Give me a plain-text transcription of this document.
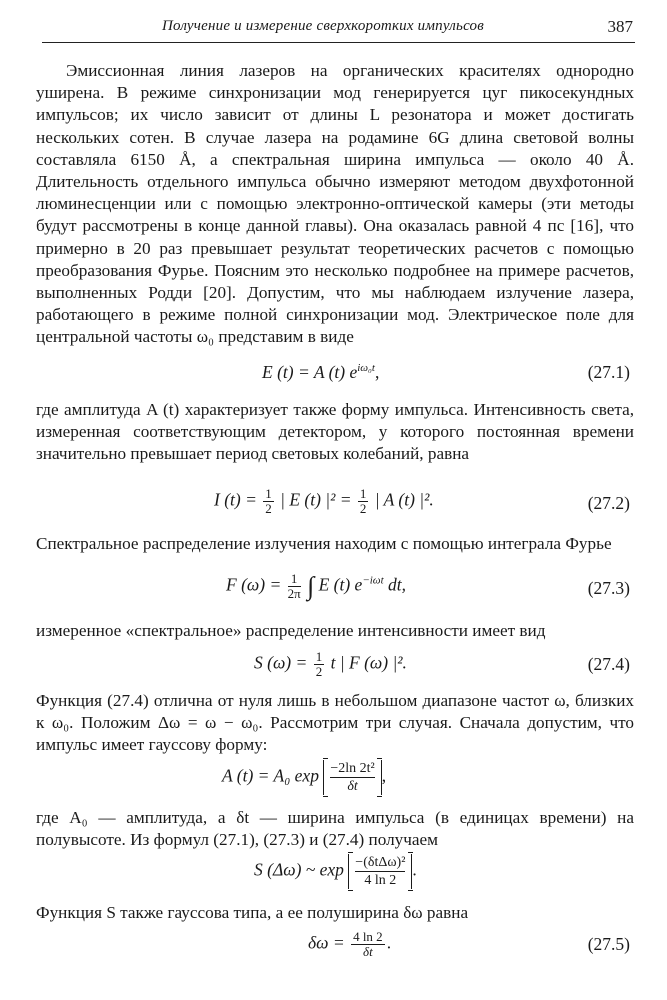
Получение и измерение сверхкоротких импульсов	387
Эмиссионная линия лазеров на органических красителях однородно уширена. В режиме синхронизации мод генерируется цуг пикосекундных импульсов; их число зависит от длины L резонатора и может достигать нескольких сотен. В случае лазера на родамине 6G длина световой волны составляла 6150 Å, а спектральная ширина импульса — около 40 Å. Длительность отдельного импульса обычно измеряют методом двухфотонной люминесценции или с помощью электронно-оптической камеры (эти методы будут рассмотрены в конце данной главы). Она оказалась равной 4 пс [16], что примерно в 20 раз превышает результат теоретических расчетов с помощью преобразования Фурье. Поясним это несколько подробнее на примере расчетов, выполненных Родди [20]. Допустим, что мы наблюдаем излучение лазера, работающего в режиме полной синхронизации мод. Электрическое поле для центральной частоты ω₀ представим в виде
E (t) = A (t) $e^{i\omega_0t}$,	(27.1)
где амплитуда A (t) характеризует также форму импульса. Интенсивность света, измеренная соответствующим детектором, у которого постоянная времени значительно превышает период световых колебаний, равна
I $(t) = \frac{1}{2}$ | E (t) $|^2 = \frac{1}{2}$ | A (t) |².	(27.2)
Спектральное распределение излучения находим с помощью интеграла Фурье
F $(\omega) = \frac{1}{2\pi}$ ∫ E (t) $e^{-i\omega t}$ dt,	(27.3)
измеренное «спектральное» распределение интенсивности имеет вид
S $(\omega) = \frac{1}{2}$ t | F (ω) |².	(27.4)
Функция (27.4) отлична от нуля лишь в небольшом диапазоне частот ω, близких к ω₀. Положим Δω = ω − ω₀. Рассмотрим три случая. Сначала допустим, что импульс имеет гауссову форму:
A (t) = A₀ $\exp \frac{\text{−2ln 2t²}}{\delta t}$ ,
где A₀ — амплитуда, а δt — ширина импульса (в единицах времени) на полувысоте. Из формул (27.1), (27.3) и (27.4) получаем
S (Δω) ~ exp −(δtΔω)²
4 ln 2
.
Функция S также гауссова типа, а ее полуширина δω равна
$\delta\omega = \frac{4 \ln 2}{\delta t}$ .	(27.5)
